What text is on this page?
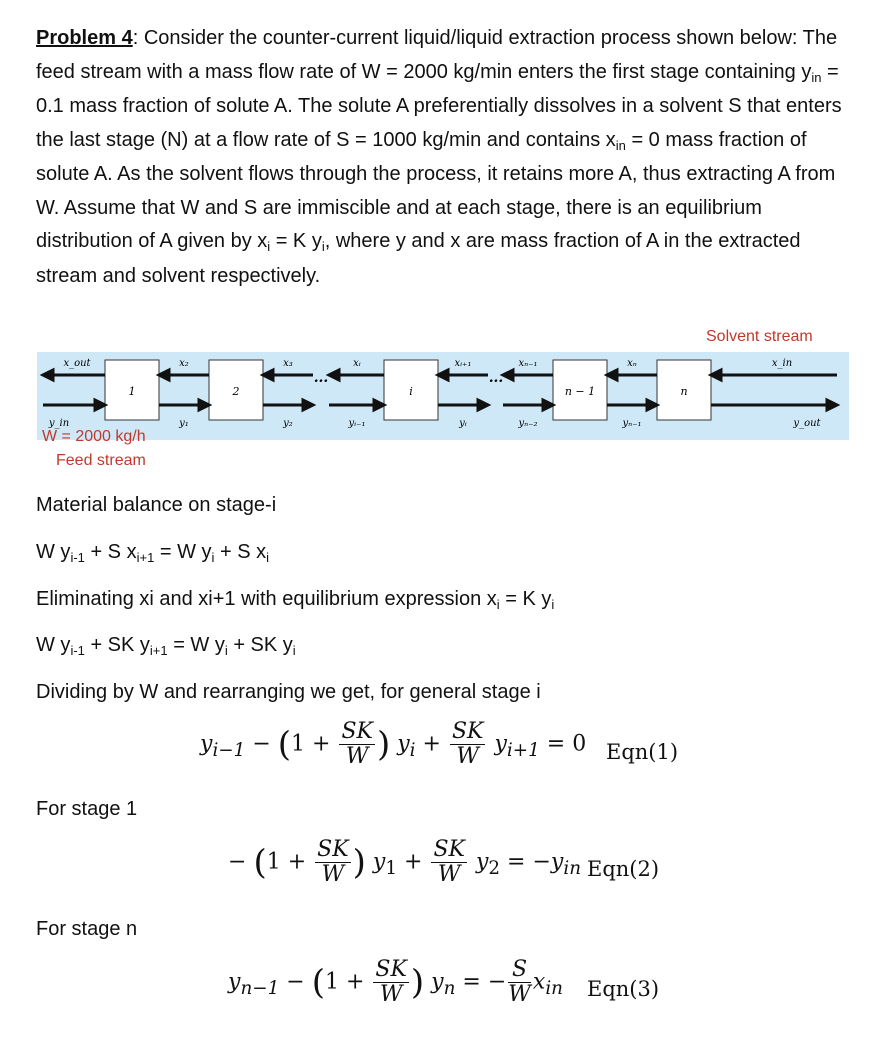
Problem 4: Consider the counter-current liquid/liquid extraction process shown below: The feed stream with a mass flow rate of W = 2000 kg/min enters the first stage containing $y_{in} = 0.1$ mass fraction of solute A. The solute A preferentially dissolves in a solvent S that enters the last stage (N) at a flow rate of S = 1000 kg/min and contains $x_{in} = 0$ mass fraction of solute A. As the solvent flows through the process, it retains more A, thus extracting A from W. Assume that W and S are immiscible and at each stage, there is an equilibrium distribution of A given by $x_i = K$ $y_i$, where y and x are mass fraction of A in the extracted stream and solvent respectively.
Solvent stream
1	2	i	n − 1	n
...	...
x_out	x₂	x₃	xᵢ	xᵢ₊₁	xₙ₋₁	xₙ	x_in
y_in	y₁	y₂	yᵢ₋₁	yᵢ	yₙ₋₂	yₙ₋₁	y_out
W = 2000 kg/h
Feed stream
Material balance on stage-i
W $y_{i-1} + S$ $x_{i+1} = W$ $y_i + S$ $x_i$
Eliminating xi and xi+1 with equilibrium expression $x_i = K$ $y_i$
W $y_{i-1}$ + SK $y_{i+1} = W$ $y_i$ + SK $y_i$
Dividing by W and rearranging we get, for general stage i
$y_{i-1} - (1 + \frac{SK}{W}$ ) $y_i + \frac{SK}{W} y_{i+1} = 0$ Eqn(1)
For stage 1
− ($1 + \frac{SK}{W}$ ) $y_1 + \frac{SK}{W} y_2 = -y_{in}$ Eqn(2)
For stage n
$y_{n-1} - (1 + \frac{SK}{W}$ ) $y_n$ = − $\frac{S}{W} x_{in}$ Eqn(3)
